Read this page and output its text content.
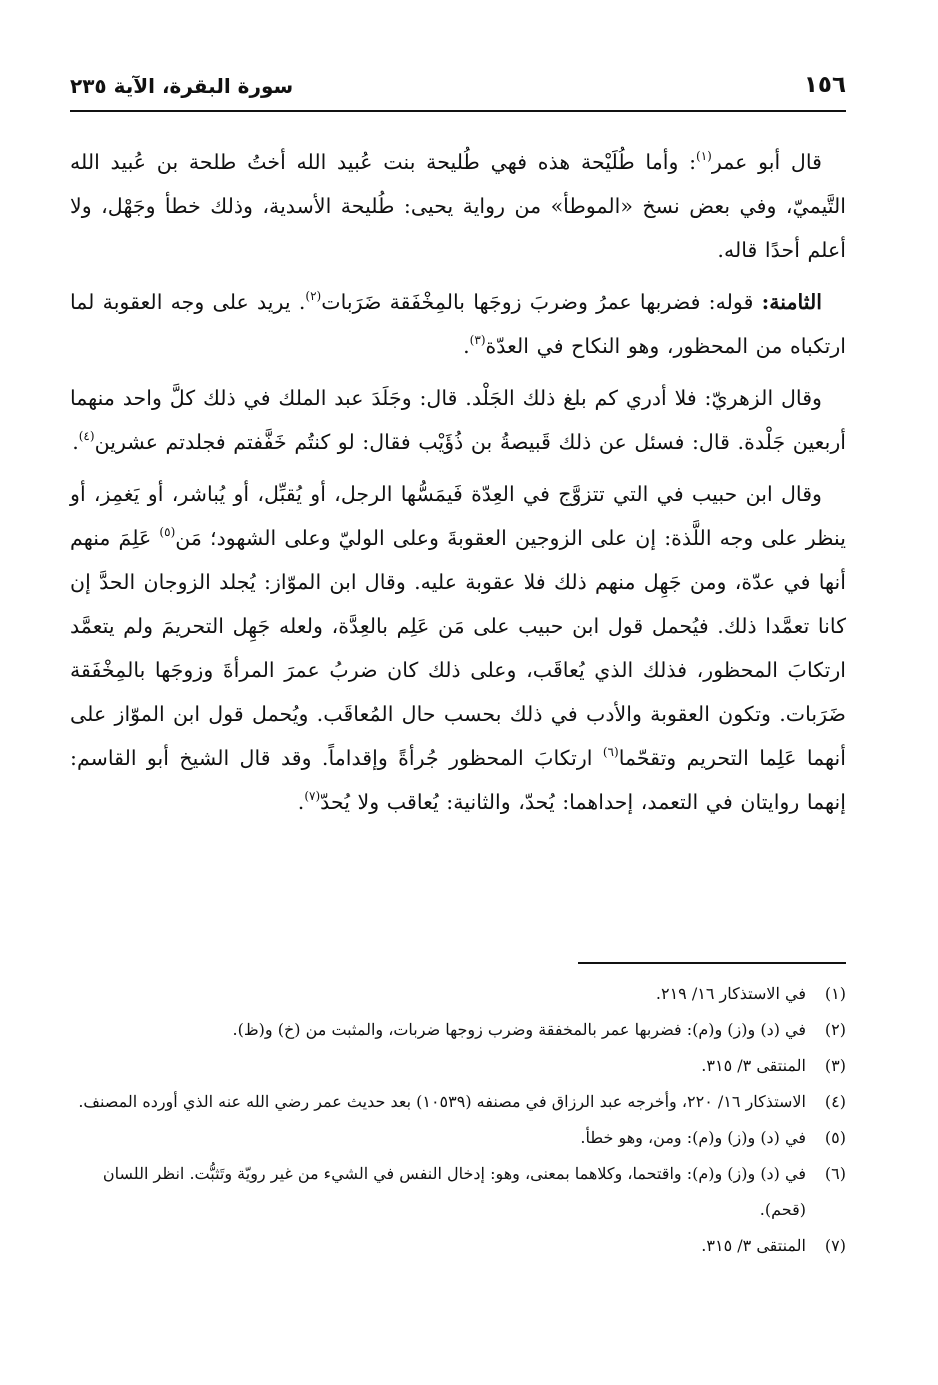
١٥٦
سورة البقرة، الآية ٢٣٥

قال أبو عمر$^{(١)}$: وأما طُلَيْحة هذه فهي طُليحة بنت عُبيد الله أختُ طلحة بن عُبيد الله التَّيميّ، وفي بعض نسخ «الموطأ» من رواية يحيى: طُليحة الأسدية، وذلك خطأ وجَهْل، ولا أعلم أحدًا قاله.

الثامنة: قوله: فضربها عمرُ وضربَ زوجَها بالمِخْفَقة ضَرَبات$^{(٢)}$. يريد على وجه العقوبة لما ارتكباه من المحظور، وهو النكاح في العدّة$^{(٣)}$.

وقال الزهريّ: فلا أدري كم بلغ ذلك الجَلْد. قال: وجَلَدَ عبد الملك في ذلك كلَّ واحد منهما أربعين جَلْدة. قال: فسئل عن ذلك قَبيصةُ بن ذُؤَيْب فقال: لو كنتُم خَفَّفتم فجلدتم عشرين$^{(٤)}$.

وقال ابن حبيب في التي تتزوَّج في العِدّة فَيمَسُّها الرجل، أو يُقبِّل، أو يُباشر، أو يَغمِز، أو ينظر على وجه اللَّذة: إن على الزوجين العقوبةَ وعلى الوليّ وعلى الشهود؛ مَن$^{(٥)}$ عَلِمَ منهم أنها في عدّة، ومن جَهِل منهم ذلك فلا عقوبة عليه. وقال ابن الموّاز: يُجلد الزوجان الحدَّ إن كانا تعمَّدا ذلك. فيُحمل قول ابن حبيب على مَن عَلِم بالعِدَّة، ولعله جَهِل التحريمَ ولم يتعمَّد ارتكابَ المحظور، فذلك الذي يُعاقَب، وعلى ذلك كان ضربُ عمرَ المرأةَ وزوجَها بالمِخْفَقة ضَرَبات. وتكون العقوبة والأدب في ذلك بحسب حال المُعاقَب. ويُحمل قول ابن الموّاز على أنهما عَلِما التحريم وتقحّما$^{(٦)}$ ارتكابَ المحظور جُرأةً وإقداماً. وقد قال الشيخ أبو القاسم: إنهما روايتان في التعمد، إحداهما: يُحدّ، والثانية: يُعاقب ولا يُحدّ$^{(٧)}$.

(١)
في الاستذكار ١٦/ ٢١٩.
(٢)
في (د) و(ز) و(م): فضربها عمر بالمخفقة وضرب زوجها ضربات، والمثبت من (خ) و(ظ).
(٣)
المنتقى ٣/ ٣١٥.
(٤)
الاستذكار ١٦/ ٢٢٠، وأخرجه عبد الرزاق في مصنفه (١٠٥٣٩) بعد حديث عمر رضي الله عنه الذي أورده المصنف.
(٥)
في (د) و(ز) و(م): ومن، وهو خطأ.
(٦)
في (د) و(ز) و(م): واقتحما، وكلاهما بمعنى، وهو: إدخال النفس في الشيء من غير رويّة وتَثبُّت. انظر اللسان (قحم).
(٧)
المنتقى ٣/ ٣١٥.
